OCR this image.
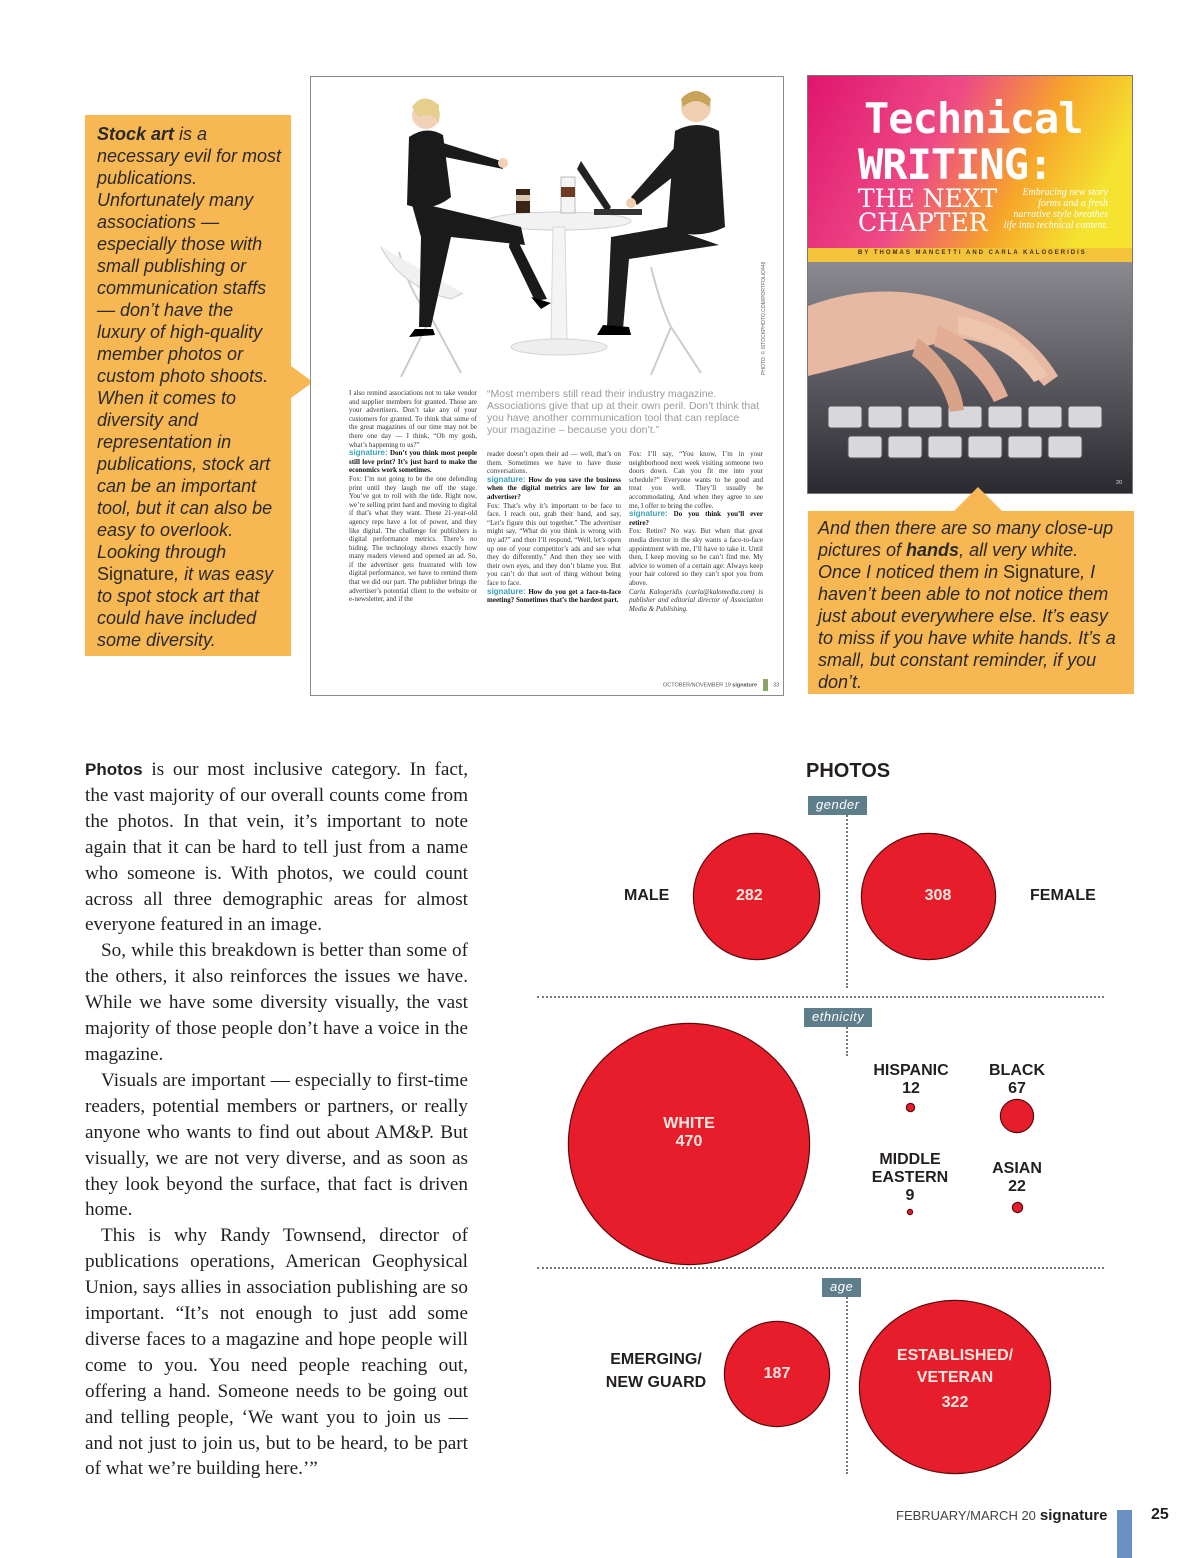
Stock art is a necessary evil for most publications. Unfortunately many associations — especially those with small publishing or communication staffs — don’t have the luxury of high-quality member photos or custom photo shoots. When it comes to diversity and representation in publications, stock art can be an important tool, but it can also be easy to overlook. Looking through Signature, it was easy to spot stock art that could have included some diversity.
PHOTO: © ISTOCKPHOTO.COM/PORTFOLIO448
I also remind associations not to take vendor and supplier members for granted. Those are your advertisers. Don’t take any of your customers for granted. To think that some of the great magazines of our time may not be there one day — I think, “Oh my gosh, what’s happening to us?”
signature: Don’t you think most people still love print? It’s just hard to make the economics work sometimes.
Fox: I’m not going to be the one defending print until they laugh me off the stage. You’ve got to roll with the tide. Right now, we’re selling print hard and moving to digital if that’s what they want. These 21-year-old agency reps have a lot of power, and they like digital. The challenge for publishers is digital performance metrics. There’s no hiding. The technology shows exactly how many readers viewed and opened an ad. So, if the advertiser gets frustrated with low digital performance, we have to remind them that we did our part. The publisher brings the advertiser’s potential client to the website or e-newsletter, and if the
“Most members still read their industry magazine. Associations give that up at their own peril. Don’t think that you have another communication tool that can replace your magazine – because you don’t.”
reader doesn’t open their ad — well, that’s on them. Sometimes we have to have those conversations.
signature: How do you save the business when the digital metrics are low for an advertiser?
Fox: That’s why it’s important to be face to face. I reach out, grab their hand, and say, “Let’s figure this out together.” The advertiser might say, “What do you think is wrong with my ad?” and then I’ll respond, “Well, let’s open up one of your competitor’s ads and see what they do differently.” And then they see with their own eyes, and they don’t blame you. But you can’t do that sort of thing without being face to face.
signature: How do you get a face-to-face meeting? Sometimes that’s the hardest part.
Fox: I’ll say, “You know, I’m in your neighborhood next week visiting someone two doors down. Can you fit me into your schedule?” Everyone wants to be good and treat you well. They’ll usually be accommodating. And when they agree to see me, I offer to bring the coffee.
signature: Do you think you’ll ever retire?
Fox: Retire? No way. But when that great media director in the sky wants a face-to-face appointment with me, I’ll have to take it. Until then, I keep moving so he can’t find me. My advice to women of a certain age: Always keep your hair colored so they can’t spot you from above.
Carla Kalogeridis (carla@kalomedia.com) is publisher and editorial director of Association Media & Publishing.
OCTOBER/NOVEMBER 19 signature	33
Technical
WRITING:
THE NEXT
CHAPTER
Embracing new story forms and a fresh narrative style breathes life into technical content.
BY THOMAS MANCETTI AND CARLA KALOGERIDIS
20
And then there are so many close-up pictures of hands, all very white. Once I noticed them in Signature, I haven’t been able to not notice them just about everywhere else. It’s easy to miss if you have white hands. It’s a small, but constant reminder, if you don’t.

Photos is our most inclusive category. In fact, the vast majority of our overall counts come from the photos. In that vein, it’s important to note again that it can be hard to tell just from a name who someone is. With photos, we could count across all three demographic areas for almost everyone featured in an image.

So, while this breakdown is better than some of the others, it also reinforces the issues we have. While we have some diversity visually, the vast majority of those people don’t have a voice in the magazine.

Visuals are important — especially to first-time readers, potential members or partners, or really anyone who wants to find out about AM&P. But visually, we are not very diverse, and as soon as they look beyond the surface, that fact is driven home.

This is why Randy Townsend, director of publications operations, American Geophysical Union, says allies in association publishing are so important. “It’s not enough to just add some diverse faces to a magazine and hope people will come to you. You need people reaching out, offering a hand. Someone needs to be going out and telling people, ‘We want you to join us — and not just to join us, but to be heard, to be part of what we’re building here.’”

PHOTOS
gender
ethnicity
age
282
MALE	308	FEMALE
WHITE
470
HISPANIC
12
BLACK
67
MIDDLE
EASTERN
9
ASIAN
22
EMERGING/
NEW GUARD
187
ESTABLISHED/
VETERAN
322
FEBRUARY/MARCH 20 signature	25
